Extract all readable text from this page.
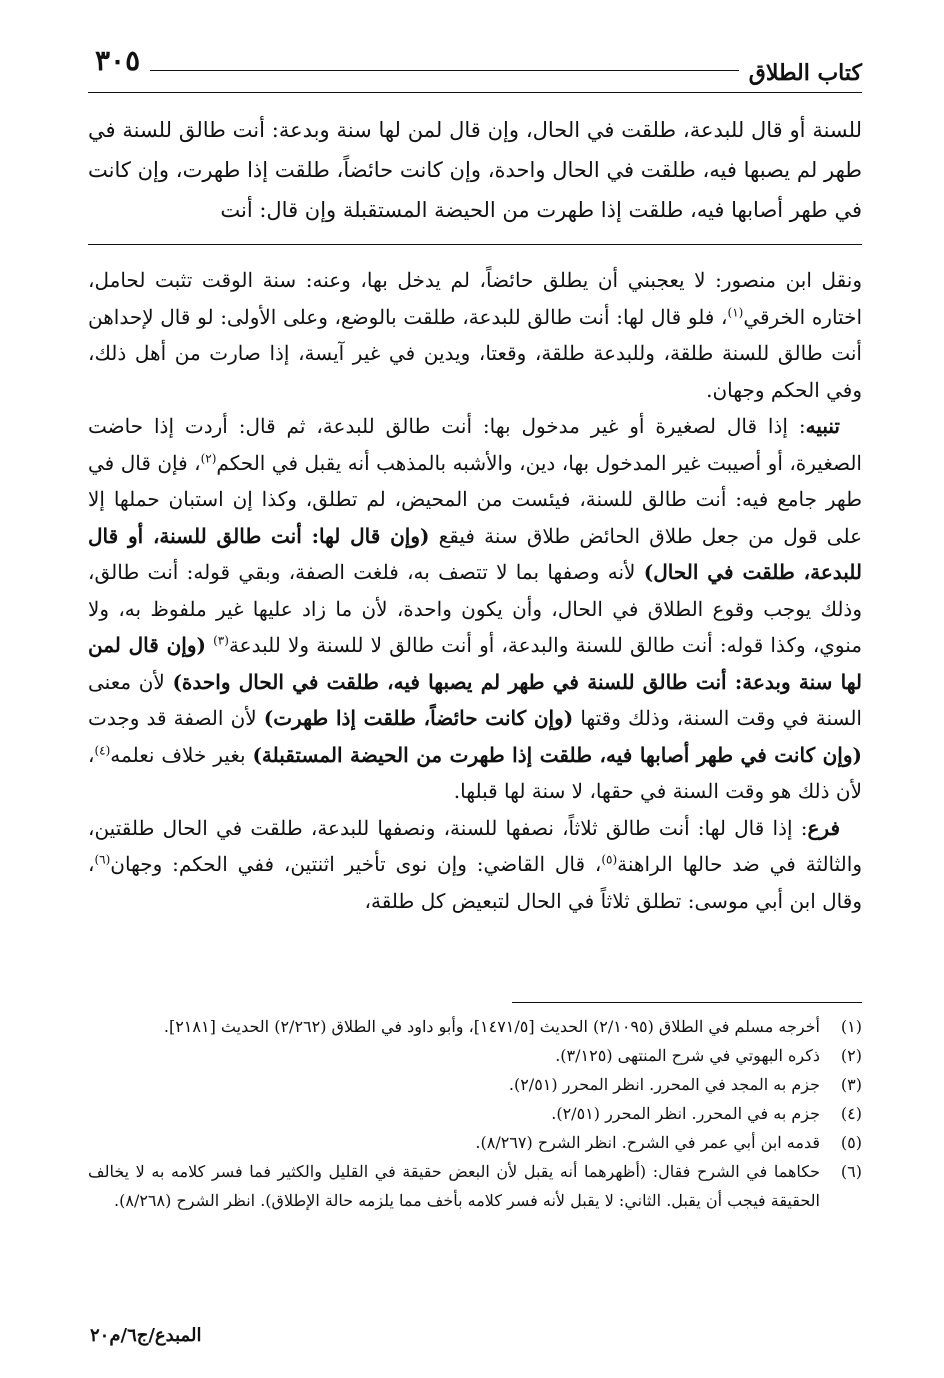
كتاب الطلاق
٣٠٥
للسنة أو قال للبدعة، طلقت في الحال، وإن قال لمن لها سنة وبدعة: أنت طالق للسنة في طهر لم يصبها فيه، طلقت في الحال واحدة، وإن كانت حائضاً، طلقت إذا طهرت، وإن كانت في طهر أصابها فيه، طلقت إذا طهرت من الحيضة المستقبلة وإن قال: أنت

ونقل ابن منصور: لا يعجبني أن يطلق حائضاً، لم يدخل بها، وعنه: سنة الوقت تثبت لحامل، اختاره الخرقي$^{(١)}$، فلو قال لها: أنت طالق للبدعة، طلقت بالوضع، وعلى الأولى: لو قال لإحداهن أنت طالق للسنة طلقة، وللبدعة طلقة، وقعتا، ويدين في غير آيسة، إذا صارت من أهل ذلك، وفي الحكم وجهان.

تنبيه: إذا قال لصغيرة أو غير مدخول بها: أنت طالق للبدعة، ثم قال: أردت إذا حاضت الصغيرة، أو أصيبت غير المدخول بها، دين، والأشبه بالمذهب أنه يقبل في الحكم$^{(٢)}$، فإن قال في طهر جامع فيه: أنت طالق للسنة، فيئست من المحيض، لم تطلق، وكذا إن استبان حملها إلا على قول من جعل طلاق الحائض طلاق سنة فيقع (وإن قال لها: أنت طالق للسنة، أو قال للبدعة، طلقت في الحال) لأنه وصفها بما لا تتصف به، فلغت الصفة، وبقي قوله: أنت طالق، وذلك يوجب وقوع الطلاق في الحال، وأن يكون واحدة، لأن ما زاد عليها غير ملفوظ به، ولا منوي، وكذا قوله: أنت طالق للسنة والبدعة، أو أنت طالق لا للسنة ولا للبدعة$^{(٣)}$ (وإن قال لمن لها سنة وبدعة: أنت طالق للسنة في طهر لم يصبها فيه، طلقت في الحال واحدة) لأن معنى السنة في وقت السنة، وذلك وقتها (وإن كانت حائضاً، طلقت إذا طهرت) لأن الصفة قد وجدت (وإن كانت في طهر أصابها فيه، طلقت إذا طهرت من الحيضة المستقبلة) بغير خلاف نعلمه$^{(٤)}$، لأن ذلك هو وقت السنة في حقها، لا سنة لها قبلها.

فرع: إذا قال لها: أنت طالق ثلاثاً، نصفها للسنة، ونصفها للبدعة، طلقت في الحال طلقتين، والثالثة في ضد حالها الراهنة$^{(٥)}$، قال القاضي: وإن نوى تأخير اثنتين، ففي الحكم: وجهان$^{(٦)}$، وقال ابن أبي موسى: تطلق ثلاثاً في الحال لتبعيض كل طلقة،

(١)
أخرجه مسلم في الطلاق (٢/١٠٩٥) الحديث [١٤٧١/٥]، وأبو داود في الطلاق (٢/٢٦٢) الحديث [٢١٨١].
(٢)
ذكره البهوتي في شرح المنتهى (٣/١٢٥).
(٣)
جزم به المجد في المحرر. انظر المحرر (٢/٥١).
(٤)
جزم به في المحرر. انظر المحرر (٢/٥١).
(٥)
قدمه ابن أبي عمر في الشرح. انظر الشرح (٨/٢٦٧).
(٦)
حكاهما في الشرح فقال: (أظهرهما أنه يقبل لأن البعض حقيقة في القليل والكثير فما فسر كلامه به لا يخالف الحقيقة فيجب أن يقبل. الثاني: لا يقبل لأنه فسر كلامه بأخف مما يلزمه حالة الإطلاق). انظر الشرح (٨/٢٦٨).
المبدع/ج٦/م٢٠
